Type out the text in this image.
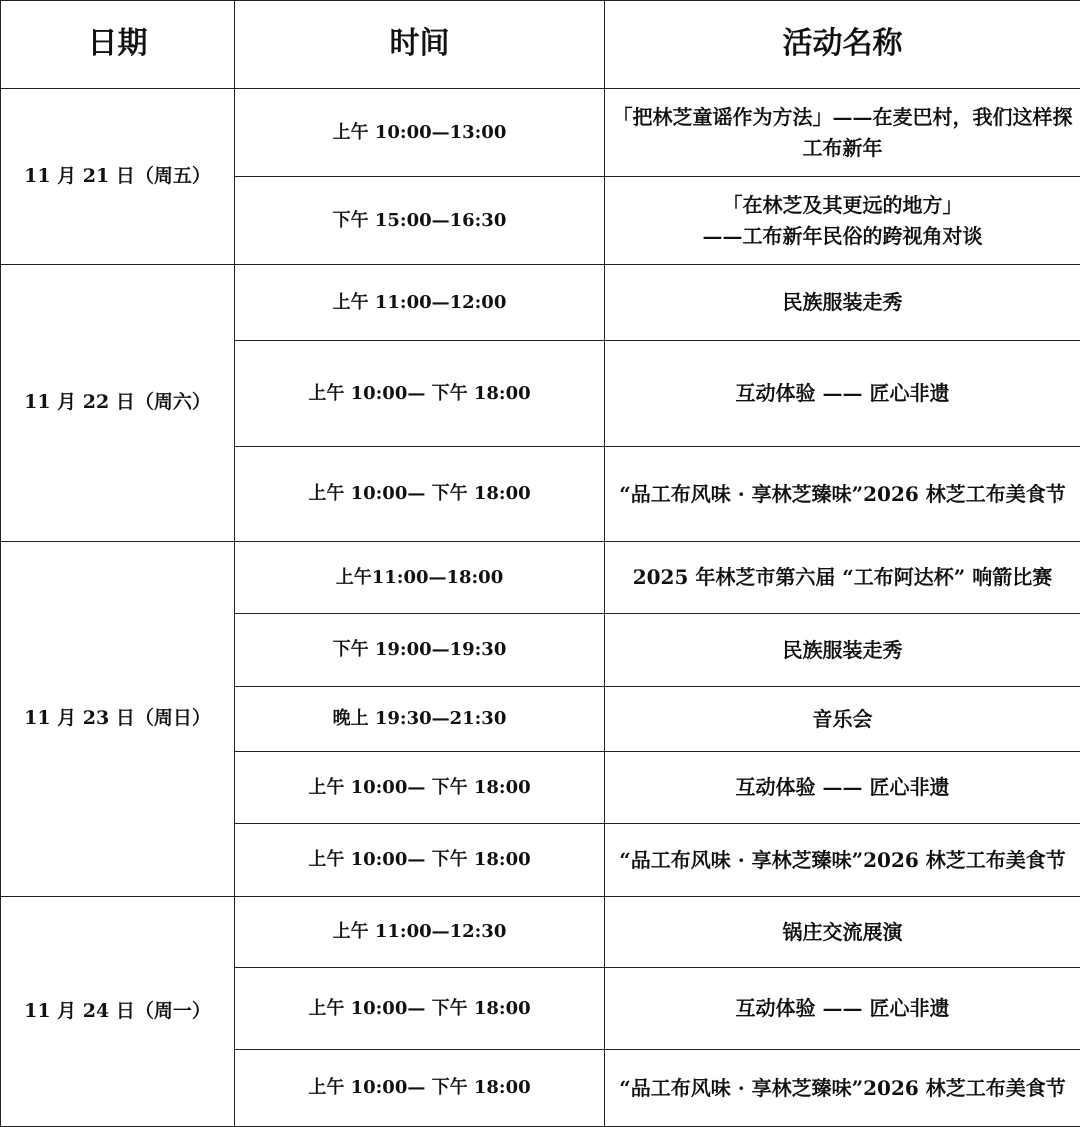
日期	时间	活动名称
11 月 21 日（周五）	上午 10:00—13:00	「把林芝童谣作为方法」——在麦巴村，我们这样探工布新年
	下午 15:00—16:30	「在林芝及其更远的地方」
——工布新年民俗的跨视角对谈
11 月 22 日（周六）	上午 11:00—12:00	民族服装走秀
	上午 10:00— 下午 18:00	互动体验 —— 匠心非遗
	上午 10:00— 下午 18:00	“品工布风味 · 享林芝臻味”2026 林芝工布美食节
11 月 23 日（周日）	上午11:00—18:00	2025 年林芝市第六届 “工布阿达杯” 响箭比赛
	下午 19:00—19:30	民族服装走秀
	晚上 19:30—21:30	音乐会
	上午 10:00— 下午 18:00	互动体验 —— 匠心非遗
	上午 10:00— 下午 18:00	“品工布风味 · 享林芝臻味”2026 林芝工布美食节
11 月 24 日（周一）	上午 11:00—12:30	锅庄交流展演
	上午 10:00— 下午 18:00	互动体验 —— 匠心非遗
	上午 10:00— 下午 18:00	“品工布风味 · 享林芝臻味”2026 林芝工布美食节
